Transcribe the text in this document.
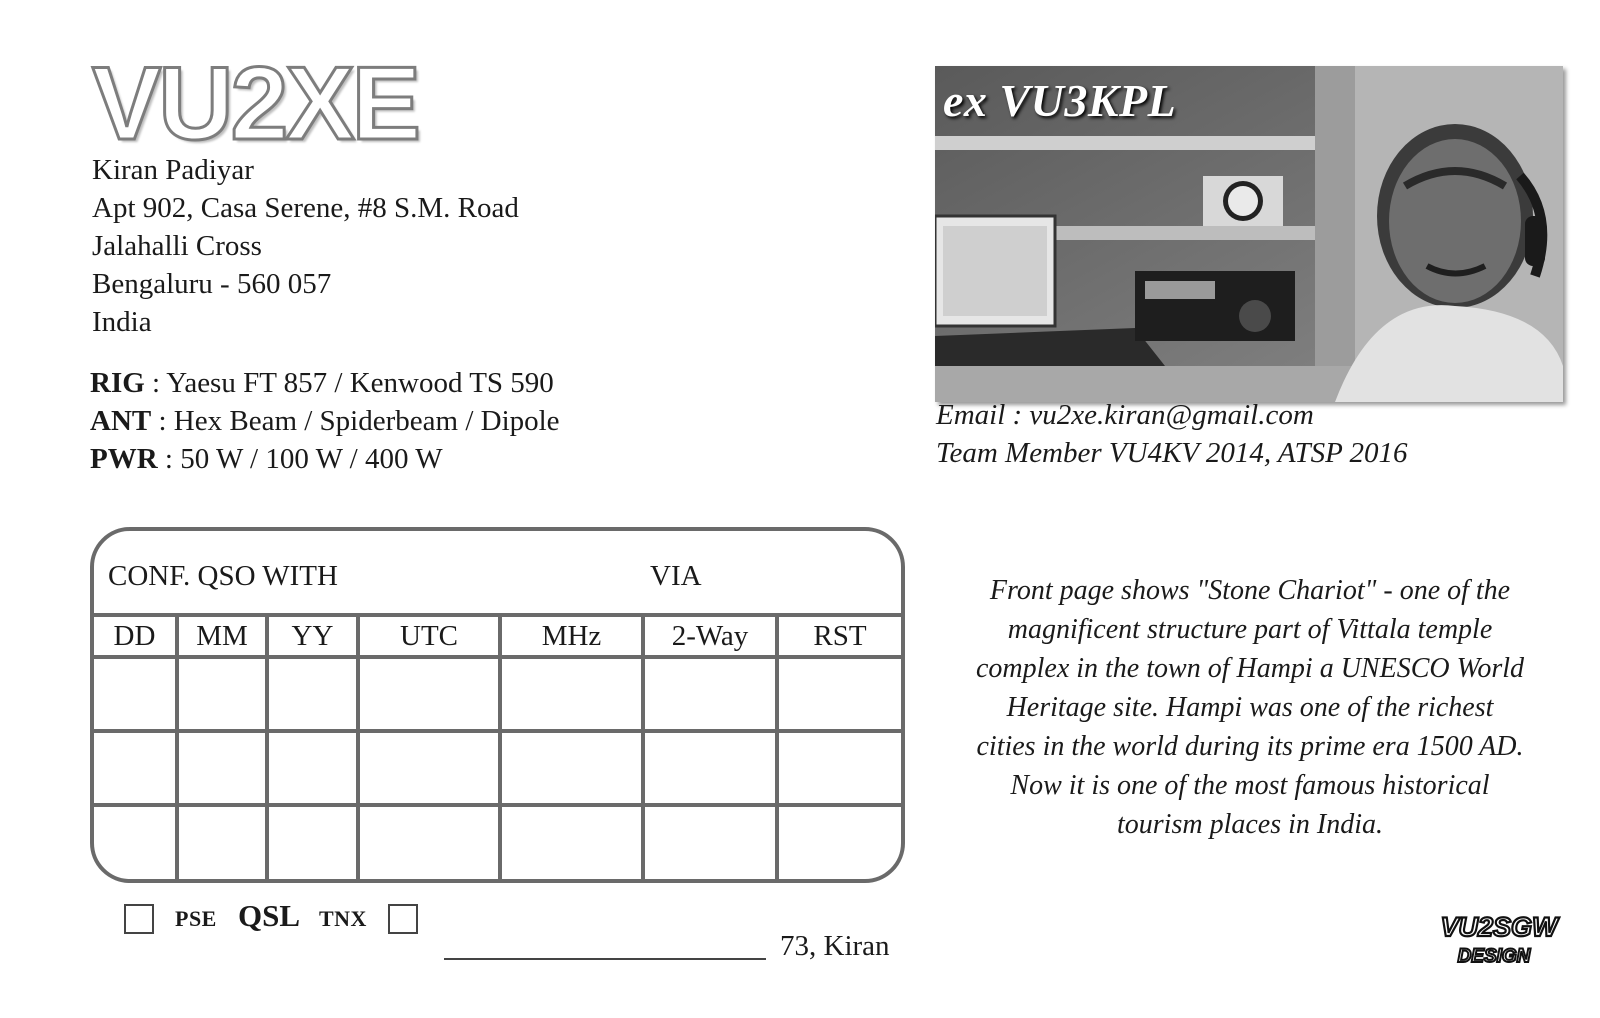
VU2XE
Kiran Padiyar
Apt 902, Casa Serene, #8 S.M. Road
Jalahalli Cross
Bengaluru - 560 057
India
RIG : Yaesu FT 857 / Kenwood TS 590
ANT : Hex Beam / Spiderbeam / Dipole
PWR : 50 W / 100 W / 400 W
ex VU3KPL
Email : vu2xe.kiran@gmail.com
Team Member VU4KV 2014, ATSP 2016
CONF. QSO WITH	VIA
DD	MM	YY	UTC	MHz	2-Way	RST
PSE QSL TNX
73, Kiran
Front page shows "Stone Chariot" - one of the
magnificent structure part of Vittala temple
complex in the town of Hampi a UNESCO World
Heritage site. Hampi was one of the richest
cities in the world during its prime era 1500 AD.
Now it is one of the most famous historical
tourism places in India.
VU2SGW
DESIGN
